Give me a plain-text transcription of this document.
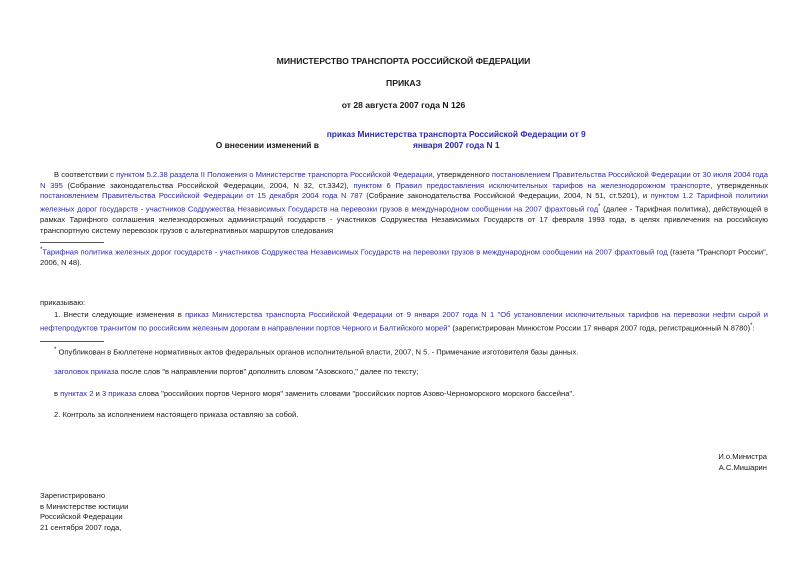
МИНИСТЕРСТВО ТРАНСПОРТА РОССИЙСКОЙ ФЕДЕРАЦИИ
ПРИКАЗ
от 28 августа 2007 года N 126
О внесении изменений в приказ Министерства транспорта Российской Федерации от 9 января 2007 года N 1
В соответствии с пунктом 5.2.38 раздела II Положения о Министерстве транспорта Российской Федерации, утвержденного постановлением Правительства Российской Федерации от 30 июля 2004 года N 395 (Собрание законодательства Российской Федерации, 2004, N 32, ст.3342), пунктом 6 Правил предоставления исключительных тарифов на железнодорожном транспорте, утвержденных постановлением Правительства Российской Федерации от 15 декабря 2004 года N 787 (Собрание законодательства Российской Федерации, 2004, N 51, ст.5201), и пунктом 1.2 Тарифной политики железных дорог государств - участников Содружества Независимых Государств на перевозки грузов в международном сообщении на 2007 фрахтовый год* (далее - Тарифная политика), действующей в рамках Тарифного соглашения железнодорожных администраций государств - участников Содружества Независимых Государств от 17 февраля 1993 года, в целях привлечения на российскую транспортную систему перевозок грузов с альтернативных маршрутов следования
*Тарифная политика железных дорог государств - участников Содружества Независимых Государств на перевозки грузов в международном сообщении на 2007 фрахтовый год (газета "Транспорт России", 2006, N 48).
приказываю:
1. Внести следующие изменения в приказ Министерства транспорта Российской Федерации от 9 января 2007 года N 1 "Об установлении исключительных тарифов на перевозки нефти сырой и нефтепродуктов транзитом по российским железным дорогам в направлении портов Черного и Балтийского морей" (зарегистрирован Минюстом России 17 января 2007 года, регистрационный N 8780)*:
* Опубликован в Бюллетене нормативных актов федеральных органов исполнительной власти, 2007, N 5. - Примечание изготовителя базы данных.
заголовок приказа после слов "в направлении портов" дополнить словом "Азовского," далее по тексту;
в пунктах 2 и 3 приказа слова "российских портов Черного моря" заменить словами "российских портов Азово-Черноморского морского бассейна".
2. Контроль за исполнением настоящего приказа оставляю за собой.
И.о.Министра
А.С.Мишарин
Зарегистрировано
в Министерстве юстиции
Российской Федерации
21 сентября 2007 года,
